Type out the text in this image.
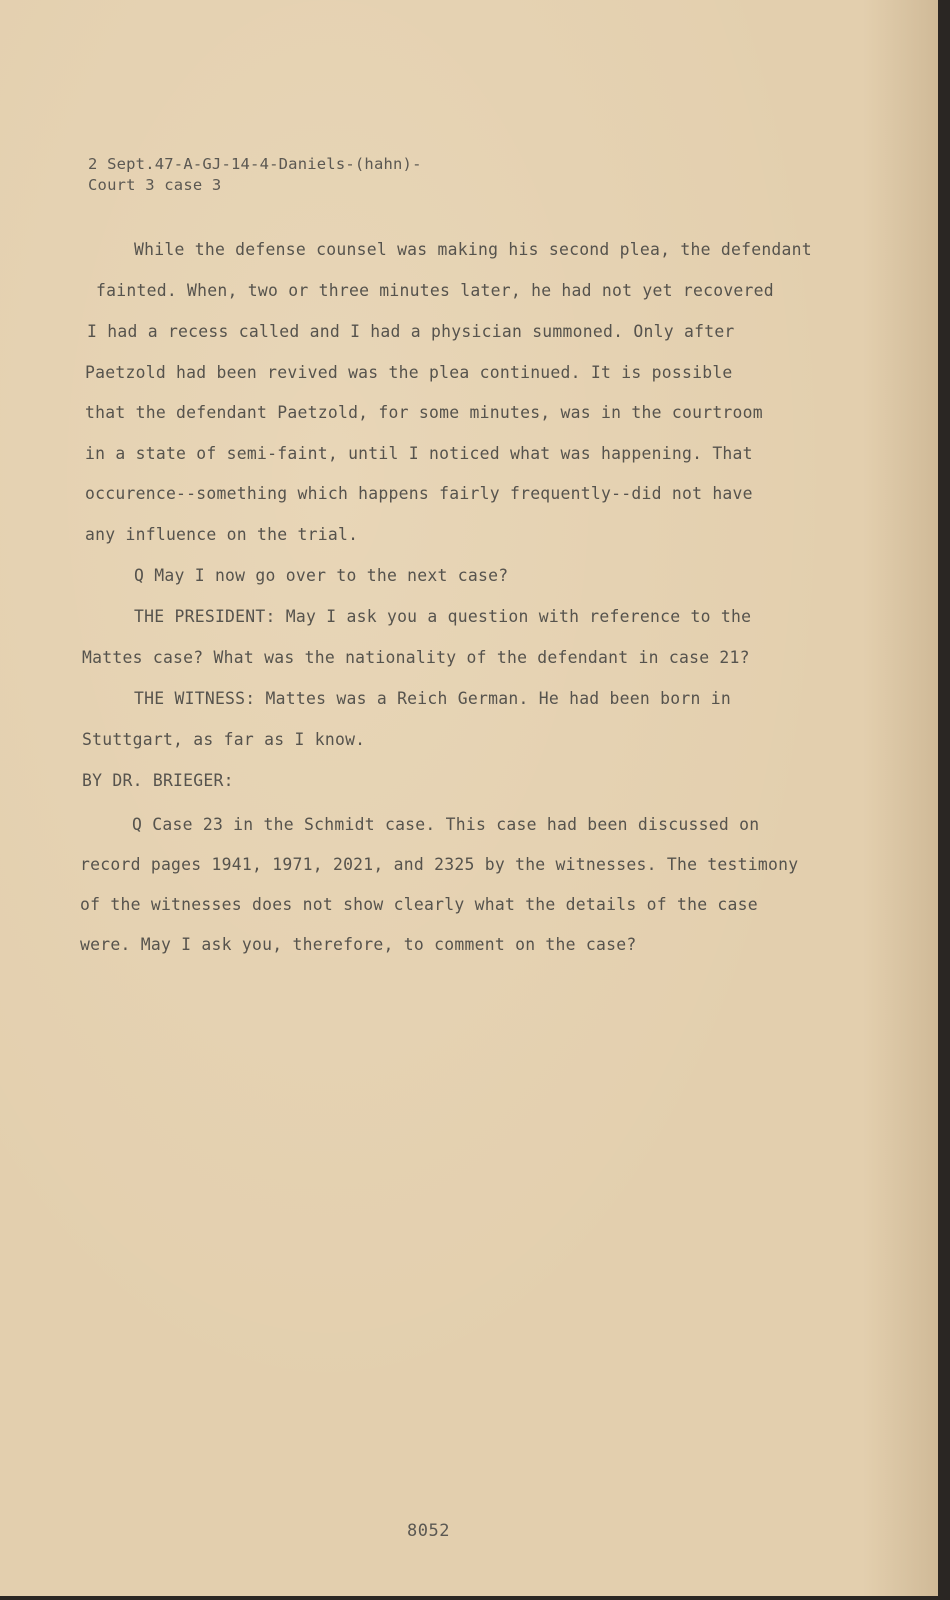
2 Sept.47-A-GJ-14-4-Daniels-(hahn)-
Court 3 case 3
While the defense counsel was making his second plea, the defendant
fainted. When, two or three minutes later, he had not yet recovered
I had a recess called and I had a physician summoned. Only after
Paetzold had been revived was the plea continued. It is possible
that the defendant Paetzold, for some minutes, was in the courtroom
in a state of semi-faint, until I noticed what was happening. That
occurence--something which happens fairly frequently--did not have
any influence on the trial.
Q May I now go over to the next case?
THE PRESIDENT: May I ask you a question with reference to the
Mattes case? What was the nationality of the defendant in case 21?
THE WITNESS: Mattes was a Reich German. He had been born in
Stuttgart, as far as I know.
BY DR. BRIEGER:
Q Case 23 in the Schmidt case. This case had been discussed on
record pages 1941, 1971, 2021, and 2325 by the witnesses. The testimony
of the witnesses does not show clearly what the details of the case
were. May I ask you, therefore, to comment on the case?
8052
